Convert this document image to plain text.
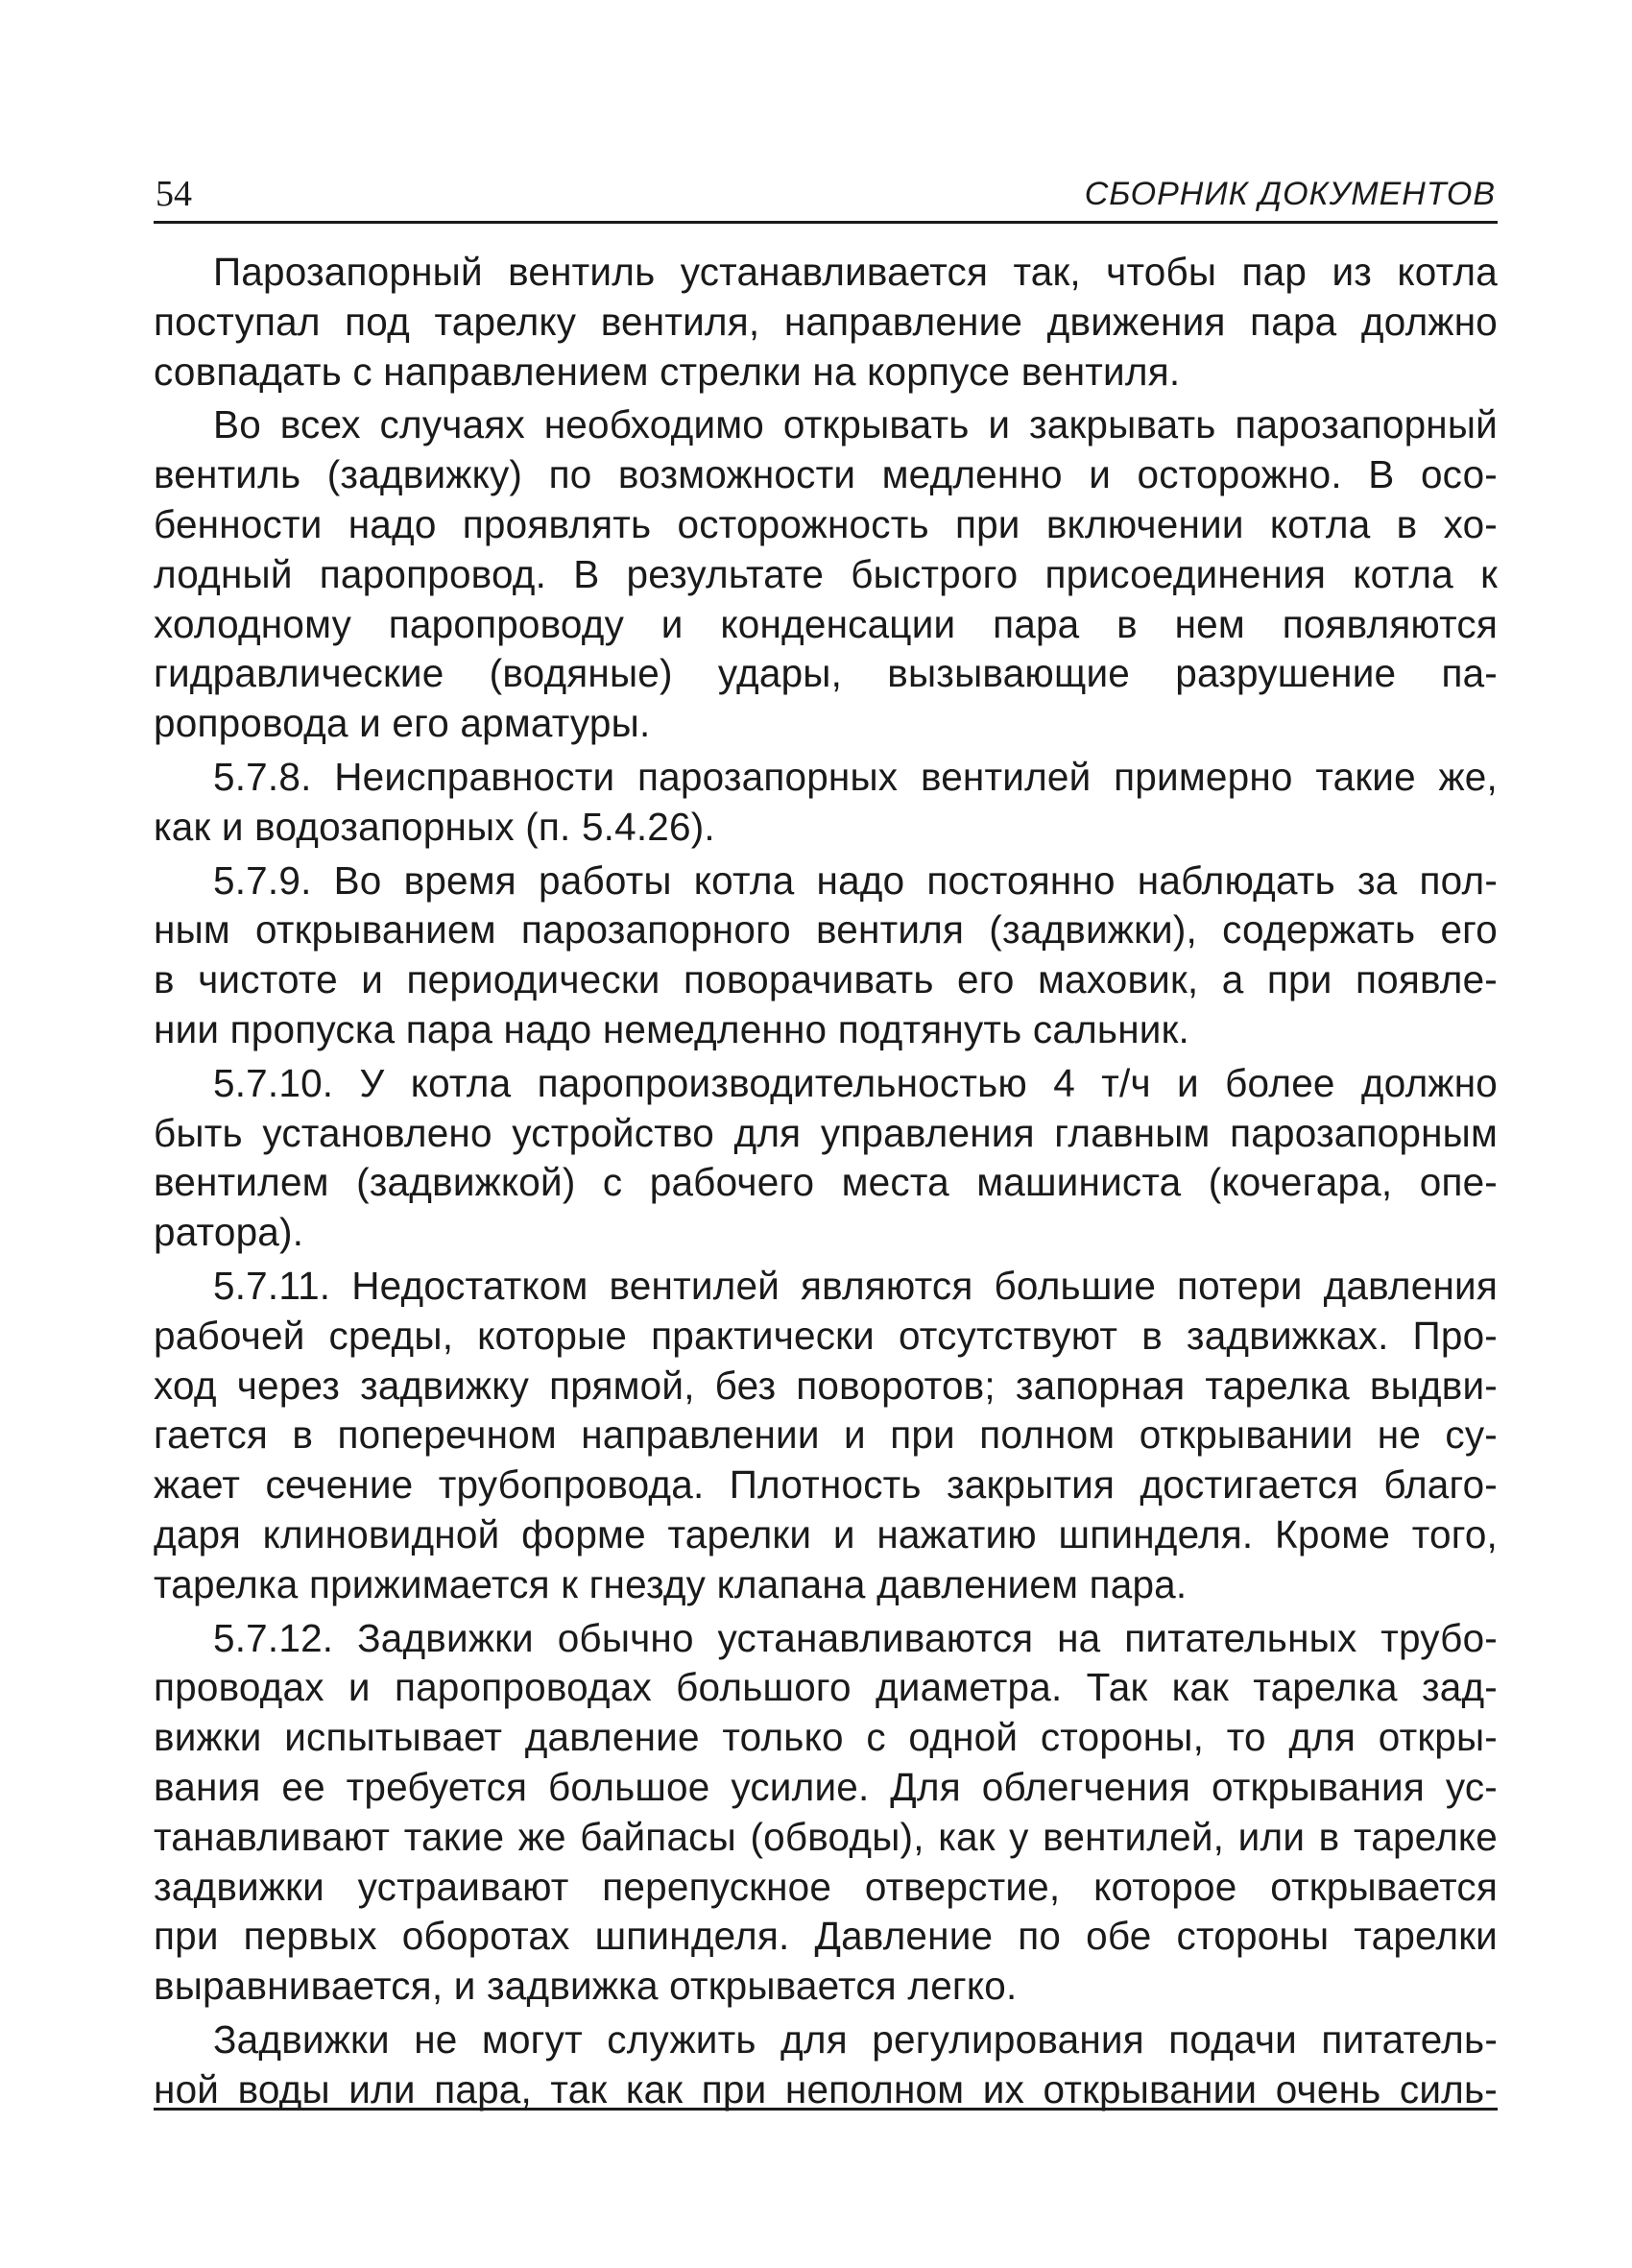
54	СБОРНИК ДОКУМЕНТОВ

Парозапорный вентиль устанавливается так, чтобы пар из котла
поступал под тарелку вентиля, направление движения пара должно
совпадать с направлением стрелки на корпусе вентиля.

Во всех случаях необходимо открывать и закрывать парозапорный
вентиль (задвижку) по возможности медленно и осторожно. В осо-
бенности надо проявлять осторожность при включении котла в хо-
лодный паропровод. В результате быстрого присоединения котла к
холодному паропроводу и конденсации пара в нем появляются
гидравлические (водяные) удары, вызывающие разрушение па-
ропровода и его арматуры.

5.7.8. Неисправности парозапорных вентилей примерно такие же,
как и водозапорных (п. 5.4.26).

5.7.9. Во время работы котла надо постоянно наблюдать за пол-
ным открыванием парозапорного вентиля (задвижки), содержать его
в чистоте и периодически поворачивать его маховик, а при появле-
нии пропуска пара надо немедленно подтянуть сальник.

5.7.10. У котла паропроизводительностью 4 т/ч и более должно
быть установлено устройство для управления главным парозапорным
вентилем (задвижкой) с рабочего места машиниста (кочегара, опе-
ратора).

5.7.11. Недостатком вентилей являются большие потери давления
рабочей среды, которые практически отсутствуют в задвижках. Про-
ход через задвижку прямой, без поворотов; запорная тарелка выдви-
гается в поперечном направлении и при полном открывании не су-
жает сечение трубопровода. Плотность закрытия достигается благо-
даря клиновидной форме тарелки и нажатию шпинделя. Кроме того,
тарелка прижимается к гнезду клапана давлением пара.

5.7.12. Задвижки обычно устанавливаются на питательных трубо-
проводах и паропроводах большого диаметра. Так как тарелка зад-
вижки испытывает давление только с одной стороны, то для откры-
вания ее требуется большое усилие. Для облегчения открывания ус-
танавливают такие же байпасы (обводы), как у вентилей, или в тарелке
задвижки устраивают перепускное отверстие, которое открывается
при первых оборотах шпинделя. Давление по обе стороны тарелки
выравнивается, и задвижка открывается легко.

Задвижки не могут служить для регулирования подачи питатель-
ной воды или пара, так как при неполном их открывании очень силь-
